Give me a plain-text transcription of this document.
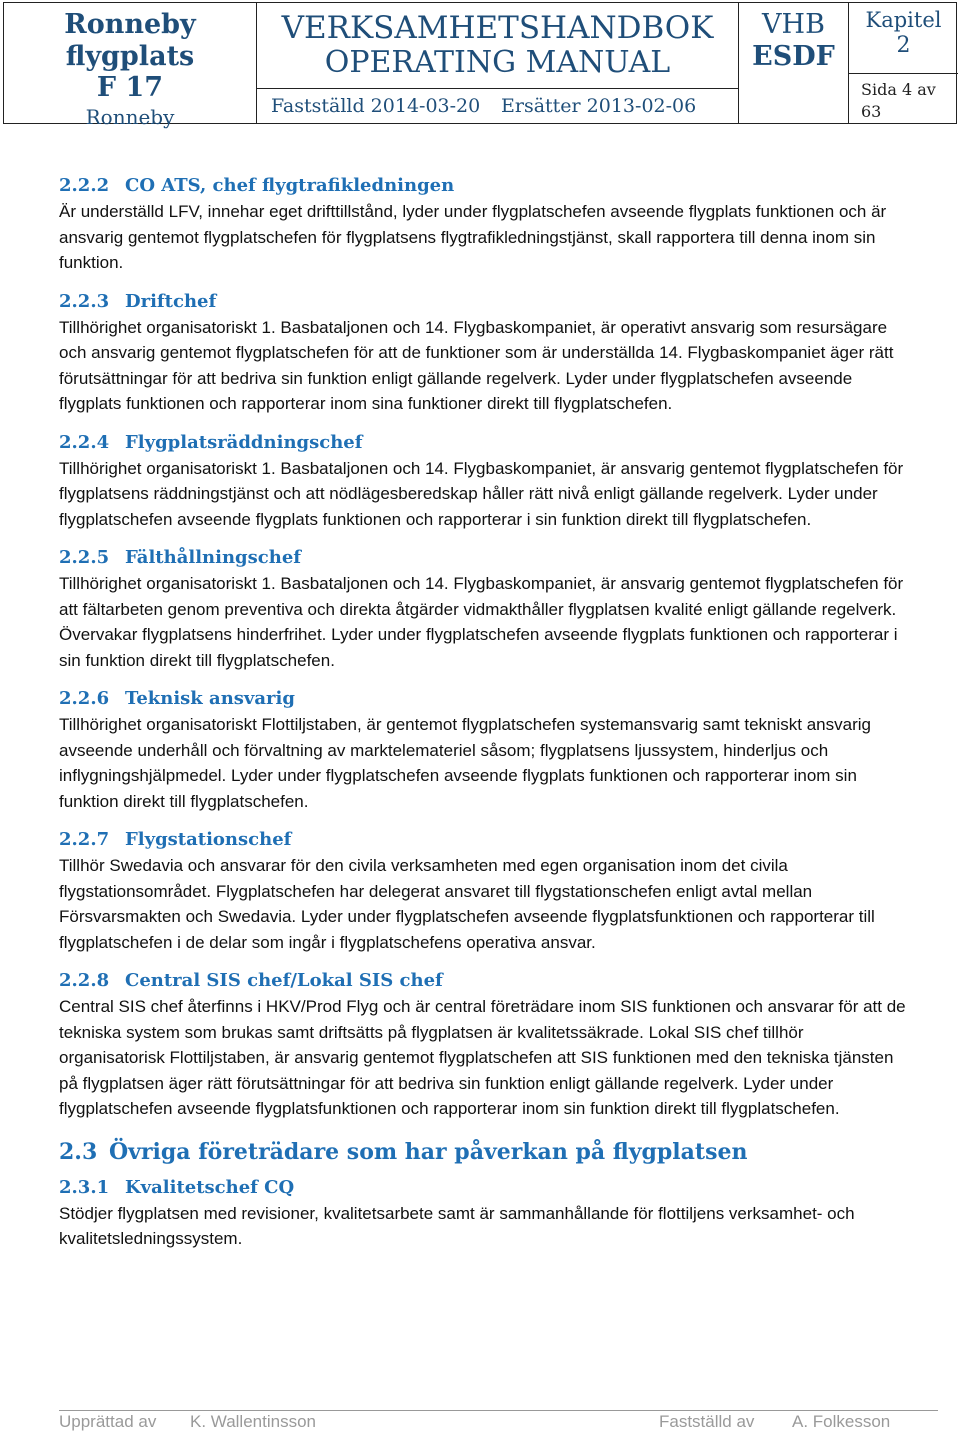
Ronneby flygplats
F 17
Ronneby
VERKSAMHETSHANDBOK
OPERATING MANUAL
Fastställd 2014-03-20 Ersätter 2013-02-06
VHB
ESDF
Kapitel
2
Sida 4 av
63
2.2.2 CO ATS, chef flygtrafikledningen
Är underställd LFV, innehar eget drifttillstånd, lyder under flygplatschefen avseende flygplats funktionen och är ansvarig gentemot flygplatschefen för flygplatsens flygtrafikledningstjänst, skall rapportera till denna inom sin funktion.
2.2.3 Driftchef
Tillhörighet organisatoriskt 1. Basbataljonen och 14. Flygbaskompaniet, är operativt ansvarig som resursägare och ansvarig gentemot flygplatschefen för att de funktioner som är underställda 14. Flygbaskompaniet äger rätt förutsättningar för att bedriva sin funktion enligt gällande regelverk. Lyder under flygplatschefen avseende flygplats funktionen och rapporterar inom sina funktioner direkt till flygplatschefen.
2.2.4 Flygplatsräddningschef
Tillhörighet organisatoriskt 1. Basbataljonen och 14. Flygbaskompaniet, är ansvarig gentemot flygplatschefen för flygplatsens räddningstjänst och att nödlägesberedskap håller rätt nivå enligt gällande regelverk. Lyder under flygplatschefen avseende flygplats funktionen och rapporterar i sin funktion direkt till flygplatschefen.
2.2.5 Fälthållningschef
Tillhörighet organisatoriskt 1. Basbataljonen och 14. Flygbaskompaniet, är ansvarig gentemot flygplatschefen för att fältarbeten genom preventiva och direkta åtgärder vidmakthåller flygplatsen kvalité enligt gällande regelverk. Övervakar flygplatsens hinderfrihet. Lyder under flygplatschefen avseende flygplats funktionen och rapporterar i sin funktion direkt till flygplatschefen.
2.2.6 Teknisk ansvarig
Tillhörighet organisatoriskt Flottiljstaben, är gentemot flygplatschefen systemansvarig samt tekniskt ansvarig avseende underhåll och förvaltning av marktelemateriel såsom; flygplatsens ljussystem, hinderljus och inflygningshjälpmedel. Lyder under flygplatschefen avseende flygplats funktionen och rapporterar inom sin funktion direkt till flygplatschefen.
2.2.7 Flygstationschef
Tillhör Swedavia och ansvarar för den civila verksamheten med egen organisation inom det civila flygstationsområdet. Flygplatschefen har delegerat ansvaret till flygstationschefen enligt avtal mellan Försvarsmakten och Swedavia. Lyder under flygplatschefen avseende flygplatsfunktionen och rapporterar till flygplatschefen i de delar som ingår i flygplatschefens operativa ansvar.
2.2.8 Central SIS chef/Lokal SIS chef
Central SIS chef återfinns i HKV/Prod Flyg och är central företrädare inom SIS funktionen och ansvarar för att de tekniska system som brukas samt driftsätts på flygplatsen är kvalitetssäkrade. Lokal SIS chef tillhör organisatorisk Flottiljstaben, är ansvarig gentemot flygplatschefen att SIS funktionen med den tekniska tjänsten på flygplatsen äger rätt förutsättningar för att bedriva sin funktion enligt gällande regelverk. Lyder under flygplatschefen avseende flygplatsfunktionen och rapporterar inom sin funktion direkt till flygplatschefen.
2.3 Övriga företrädare som har påverkan på flygplatsen
2.3.1 Kvalitetschef CQ
Stödjer flygplatsen med revisioner, kvalitetsarbete samt är sammanhållande för flottiljens verksamhet- och kvalitetsledningssystem.
Upprättad av K. Wallentinsson	Fastställd av A. Folkesson
